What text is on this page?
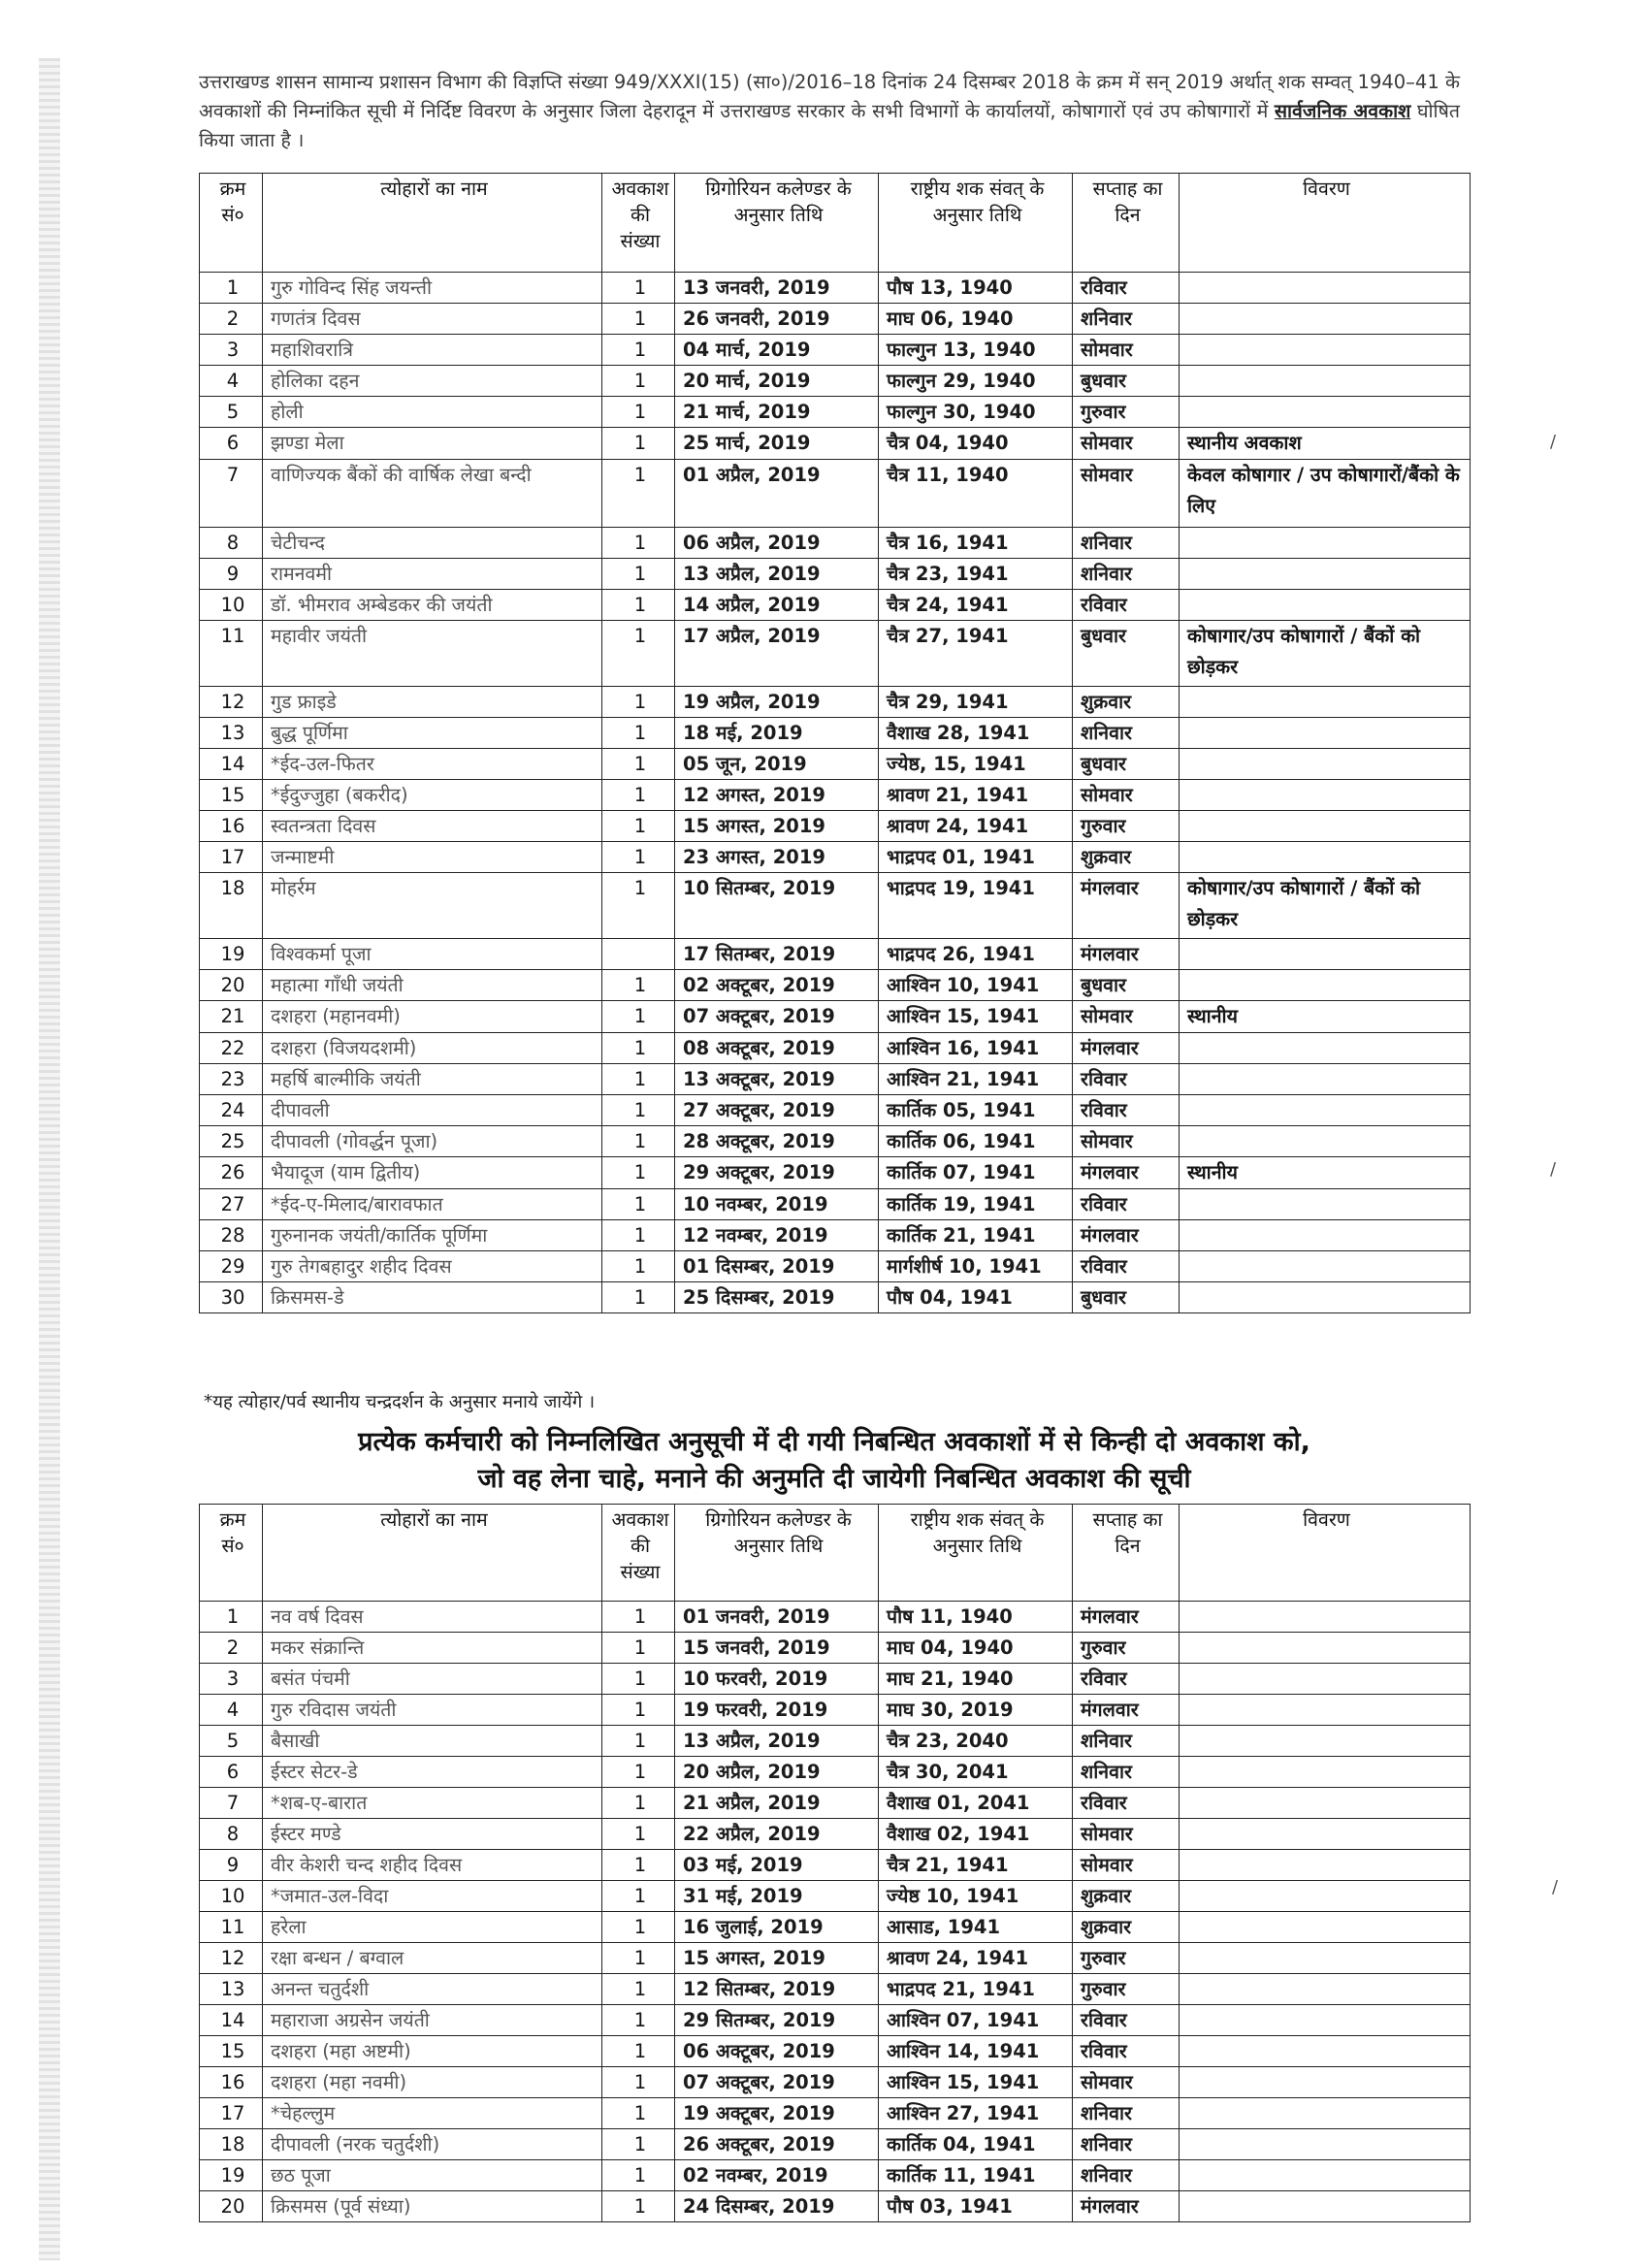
उत्तराखण्ड शासन सामान्य प्रशासन विभाग की विज्ञप्ति संख्या 949/XXXI(15) (सा०)/2016–18 दिनांक 24 दिसम्बर 2018 के क्रम में सन् 2019 अर्थात् शक सम्वत् 1940–41 के अवकाशों की निम्नांकित सूची में निर्दिष्ट विवरण के अनुसार जिला देहरादून में उत्तराखण्ड सरकार के सभी विभागों के कार्यालयों, कोषागारों एवं उप कोषागारों में सार्वजनिक अवकाश घोषित किया जाता है ।
क्रम सं०	त्योहारों का नाम	अवकाश की संख्या	ग्रिगोरियन कलेण्डर के अनुसार तिथि	राष्ट्रीय शक संवत् के अनुसार तिथि	सप्ताह का दिन	विवरण
1	गुरु गोविन्द सिंह जयन्ती	1	13 जनवरी, 2019	पौष 13, 1940	रविवार	
2	गणतंत्र दिवस	1	26 जनवरी, 2019	माघ 06, 1940	शनिवार	
3	महाशिवरात्रि	1	04 मार्च, 2019	फाल्गुन 13, 1940	सोमवार	
4	होलिका दहन	1	20 मार्च, 2019	फाल्गुन 29, 1940	बुधवार	
5	होली	1	21 मार्च, 2019	फाल्गुन 30, 1940	गुरुवार	
6	झण्डा मेला	1	25 मार्च, 2019	चैत्र 04, 1940	सोमवार	स्थानीय अवकाश
7	वाणिज्यक बैंकों की वार्षिक लेखा बन्दी	1	01 अप्रैल, 2019	चैत्र 11, 1940	सोमवार	केवल कोषागार / उप कोषागारों/बैंको के लिए
8	चेटीचन्द	1	06 अप्रैल, 2019	चैत्र 16, 1941	शनिवार	
9	रामनवमी	1	13 अप्रैल, 2019	चैत्र 23, 1941	शनिवार	
10	डॉ. भीमराव अम्बेडकर की जयंती	1	14 अप्रैल, 2019	चैत्र 24, 1941	रविवार	
11	महावीर जयंती	1	17 अप्रैल, 2019	चैत्र 27, 1941	बुधवार	कोषागार/उप कोषागारों / बैंकों को छोड़कर
12	गुड फ्राइडे	1	19 अप्रैल, 2019	चैत्र 29, 1941	शुक्रवार	
13	बुद्ध पूर्णिमा	1	18 मई, 2019	वैशाख 28, 1941	शनिवार	
14	*ईद-उल-फितर	1	05 जून, 2019	ज्येष्ठ, 15, 1941	बुधवार	
15	*ईदुज्जुहा (बकरीद)	1	12 अगस्त, 2019	श्रावण 21, 1941	सोमवार	
16	स्वतन्त्रता दिवस	1	15 अगस्त, 2019	श्रावण 24, 1941	गुरुवार	
17	जन्माष्टमी	1	23 अगस्त, 2019	भाद्रपद 01, 1941	शुक्रवार	
18	मोहर्रम	1	10 सितम्बर, 2019	भाद्रपद 19, 1941	मंगलवार	कोषागार/उप कोषागारों / बैंकों को छोड़कर
19	विश्वकर्मा पूजा		17 सितम्बर, 2019	भाद्रपद 26, 1941	मंगलवार	
20	महात्मा गॉंधी जयंती	1	02 अक्टूबर, 2019	आश्विन 10, 1941	बुधवार	
21	दशहरा (महानवमी)	1	07 अक्टूबर, 2019	आश्विन 15, 1941	सोमवार	स्थानीय
22	दशहरा (विजयदशमी)	1	08 अक्टूबर, 2019	आश्विन 16, 1941	मंगलवार	
23	महर्षि बाल्मीकि जयंती	1	13 अक्टूबर, 2019	आश्विन 21, 1941	रविवार	
24	दीपावली	1	27 अक्टूबर, 2019	कार्तिक 05, 1941	रविवार	
25	दीपावली (गोवर्द्धन पूजा)	1	28 अक्टूबर, 2019	कार्तिक 06, 1941	सोमवार	
26	भैयादूज (याम द्वितीय)	1	29 अक्टूबर, 2019	कार्तिक 07, 1941	मंगलवार	स्थानीय
27	*ईद-ए-मिलाद/बारावफात	1	10 नवम्बर, 2019	कार्तिक 19, 1941	रविवार	
28	गुरुनानक जयंती/कार्तिक पूर्णिमा	1	12 नवम्बर, 2019	कार्तिक 21, 1941	मंगलवार	
29	गुरु तेगबहादुर शहीद दिवस	1	01 दिसम्बर, 2019	मार्गशीर्ष 10, 1941	रविवार	
30	क्रिसमस-डे	1	25 दिसम्बर, 2019	पौष 04, 1941	बुधवार	
*यह त्योहार/पर्व स्थानीय चन्द्रदर्शन के अनुसार मनाये जायेंगे ।
प्रत्येक कर्मचारी को निम्नलिखित अनुसूची में दी गयी निबन्धित अवकाशों में से किन्ही दो अवकाश को,
जो वह लेना चाहे, मनाने की अनुमति दी जायेगी निबन्धित अवकाश की सूची
क्रम सं०	त्योहारों का नाम	अवकाश की संख्या	ग्रिगोरियन कलेण्डर के अनुसार तिथि	राष्ट्रीय शक संवत् के अनुसार तिथि	सप्ताह का दिन	विवरण
1	नव वर्ष दिवस	1	01 जनवरी, 2019	पौष 11, 1940	मंगलवार	
2	मकर संक्रान्ति	1	15 जनवरी, 2019	माघ 04, 1940	गुरुवार	
3	बसंत पंचमी	1	10 फरवरी, 2019	माघ 21, 1940	रविवार	
4	गुरु रविदास जयंती	1	19 फरवरी, 2019	माघ 30, 2019	मंगलवार	
5	बैसाखी	1	13 अप्रैल, 2019	चैत्र 23, 2040	शनिवार	
6	ईस्टर सेटर-डे	1	20 अप्रैल, 2019	चैत्र 30, 2041	शनिवार	
7	*शब-ए-बारात	1	21 अप्रैल, 2019	वैशाख 01, 2041	रविवार	
8	ईस्टर मण्डे	1	22 अप्रैल, 2019	वैशाख 02, 1941	सोमवार	
9	वीर केशरी चन्द शहीद दिवस	1	03 मई, 2019	चैत्र 21, 1941	सोमवार	
10	*जमात-उल-विदा	1	31 मई, 2019	ज्येष्ठ 10, 1941	शुक्रवार	
11	हरेला	1	16 जुलाई, 2019	आसाड, 1941	शुक्रवार	
12	रक्षा बन्धन / बग्वाल	1	15 अगस्त, 2019	श्रावण 24, 1941	गुरुवार	
13	अनन्त चतुर्दशी	1	12 सितम्बर, 2019	भाद्रपद 21, 1941	गुरुवार	
14	महाराजा अग्रसेन जयंती	1	29 सितम्बर, 2019	आश्विन 07, 1941	रविवार	
15	दशहरा (महा अष्टमी)	1	06 अक्टूबर, 2019	आश्विन 14, 1941	रविवार	
16	दशहरा (महा नवमी)	1	07 अक्टूबर, 2019	आश्विन 15, 1941	सोमवार	
17	*चेहल्लुम	1	19 अक्टूबर, 2019	आश्विन 27, 1941	शनिवार	
18	दीपावली (नरक चतुर्दशी)	1	26 अक्टूबर, 2019	कार्तिक 04, 1941	शनिवार	
19	छठ पूजा	1	02 नवम्बर, 2019	कार्तिक 11, 1941	शनिवार	
20	क्रिसमस (पूर्व संध्या)	1	24 दिसम्बर, 2019	पौष 03, 1941	मंगलवार	
/
/
/
